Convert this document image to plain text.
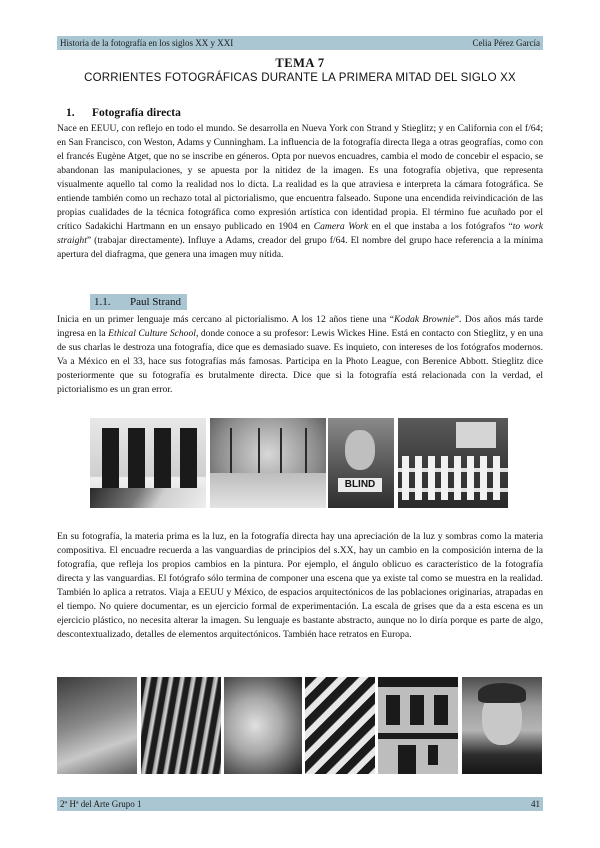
Historia de la fotografía en los siglos XX y XXI	Celia Pérez García
TEMA 7
CORRIENTES FOTOGRÁFICAS DURANTE LA PRIMERA MITAD DEL SIGLO XX
1. Fotografía directa

Nace en EEUU, con reflejo en todo el mundo. Se desarrolla en Nueva York con Strand y Stieglitz; y en California con el f/64; en San Francisco, con Weston, Adams y Cunningham. La influencia de la fotografía directa llega a otras geografías, como con el francés Eugène Atget, que no se inscribe en géneros. Opta por nuevos encuadres, cambia el modo de concebir el espacio, se abandonan las manipulaciones, y se apuesta por la nitidez de la imagen. Es una fotografía objetiva, que representa visualmente aquello tal como la realidad nos lo dicta. La realidad es la que atraviesa e interpreta la cámara fotográfica. Se entiende también como un rechazo total al pictorialismo, que encuentra falseado. Supone una encendida reivindicación de las propias cualidades de la técnica fotográfica como expresión artística con identidad propia. El término fue acuñado por el crítico Sadakichi Hartmann en un ensayo publicado en 1904 en Camera Work en el que instaba a los fotógrafos “to work straight” (trabajar directamente). Influye a Adams, creador del grupo f/64. El nombre del grupo hace referencia a la mínima apertura del diafragma, que genera una imagen muy nítida.

1.1.	Paul Strand

Inicia en un primer lenguaje más cercano al pictorialismo. A los 12 años tiene una “Kodak Brownie”. Dos años más tarde ingresa en la Ethical Culture School, donde conoce a su profesor: Lewis Wickes Hine. Está en contacto con Stieglitz, y en una de sus charlas le destroza una fotografía, dice que es demasiado suave. Es inquieto, con intereses de los fotógrafos modernos. Va a México en el 33, hace sus fotografías más famosas. Participa en la Photo League, con Berenice Abbott. Stieglitz dice posteriormente que su fotografía es brutalmente directa. Dice que si la fotografía está relacionada con la verdad, el pictorialismo es un gran error.

BLIND

En su fotografía, la materia prima es la luz, en la fotografía directa hay una apreciación de la luz y sombras como la materia compositiva. El encuadre recuerda a las vanguardias de principios del s.XX, hay un cambio en la composición interna de la fotografía, que refleja los propios cambios en la pintura. Por ejemplo, el ángulo oblicuo es característico de la fotografía directa y las vanguardias. El fotógrafo sólo termina de componer una escena que ya existe tal como se muestra en la realidad. También lo aplica a retratos. Viaja a EEUU y México, de espacios arquitectónicos de las poblaciones originarias, atrapadas en el tiempo. No quiere documentar, es un ejercicio formal de experimentación. La escala de grises que da a esta escena es un ejercicio plástico, no necesita alterar la imagen. Su lenguaje es bastante abstracto, aunque no lo diría porque es parte de algo, descontextualizado, detalles de elementos arquitectónicos. También hace retratos en Europa.

2º Hª del Arte Grupo 1	41
